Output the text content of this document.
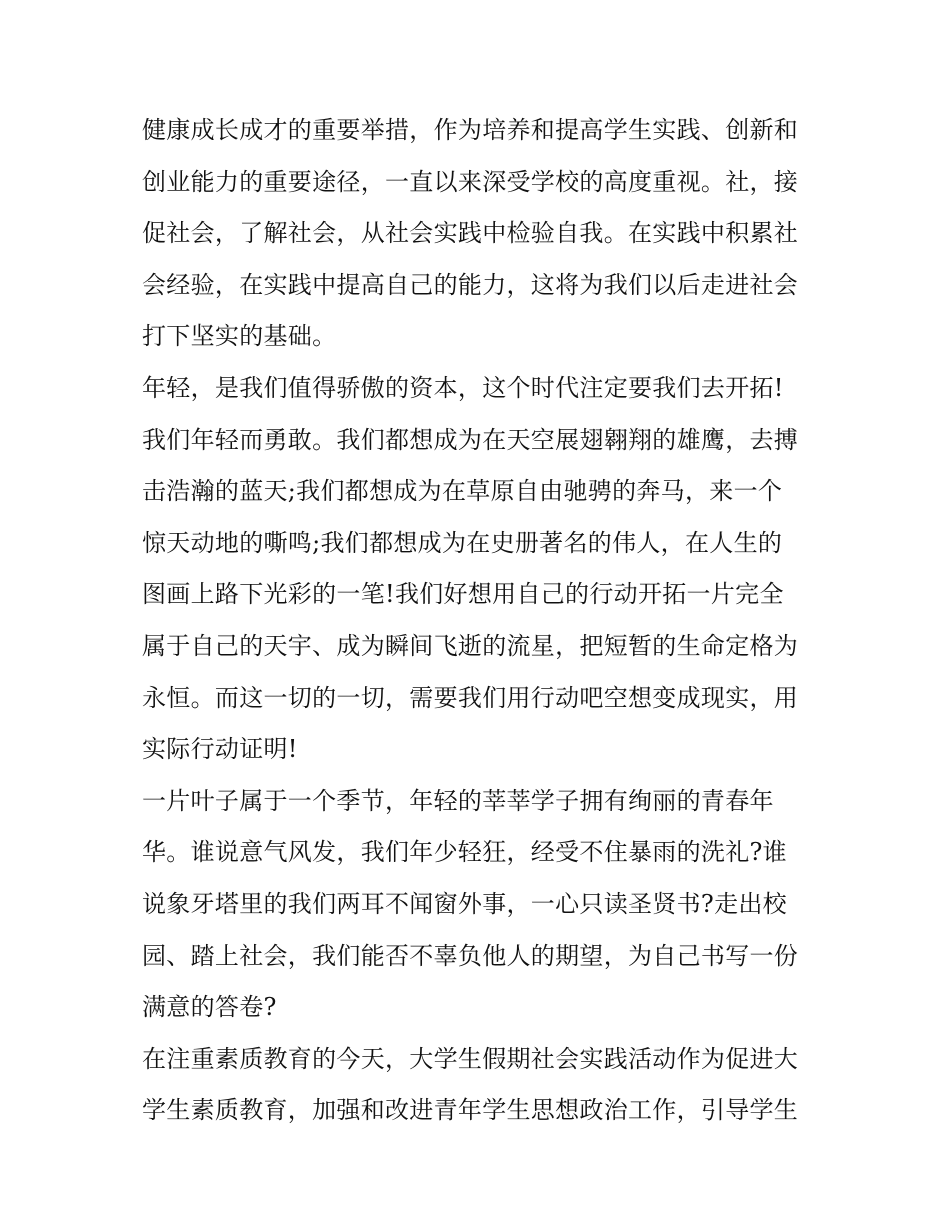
健康成长成才的重要举措，作为培养和提高学生实践、创新和
创业能力的重要途径，一直以来深受学校的高度重视。社，接
促社会，了解社会，从社会实践中检验自我。在实践中积累社
会经验，在实践中提高自己的能力，这将为我们以后走进社会
打下坚实的基础。
年轻，是我们值得骄傲的资本，这个时代注定要我们去开拓!
我们年轻而勇敢。我们都想成为在天空展翅翱翔的雄鹰，去搏
击浩瀚的蓝天;我们都想成为在草原自由驰骋的奔马，来一个
惊天动地的嘶鸣;我们都想成为在史册著名的伟人，在人生的
图画上路下光彩的一笔!我们好想用自己的行动开拓一片完全
属于自己的天宇、成为瞬间飞逝的流星，把短暂的生命定格为
永恒。而这一切的一切，需要我们用行动吧空想变成现实，用
实际行动证明!
一片叶子属于一个季节，年轻的莘莘学子拥有绚丽的青春年
华。谁说意气风发，我们年少轻狂，经受不住暴雨的洗礼?谁
说象牙塔里的我们两耳不闻窗外事，一心只读圣贤书?走出校
园、踏上社会，我们能否不辜负他人的期望，为自己书写一份
满意的答卷?
在注重素质教育的今天，大学生假期社会实践活动作为促进大
学生素质教育，加强和改进青年学生思想政治工作，引导学生
